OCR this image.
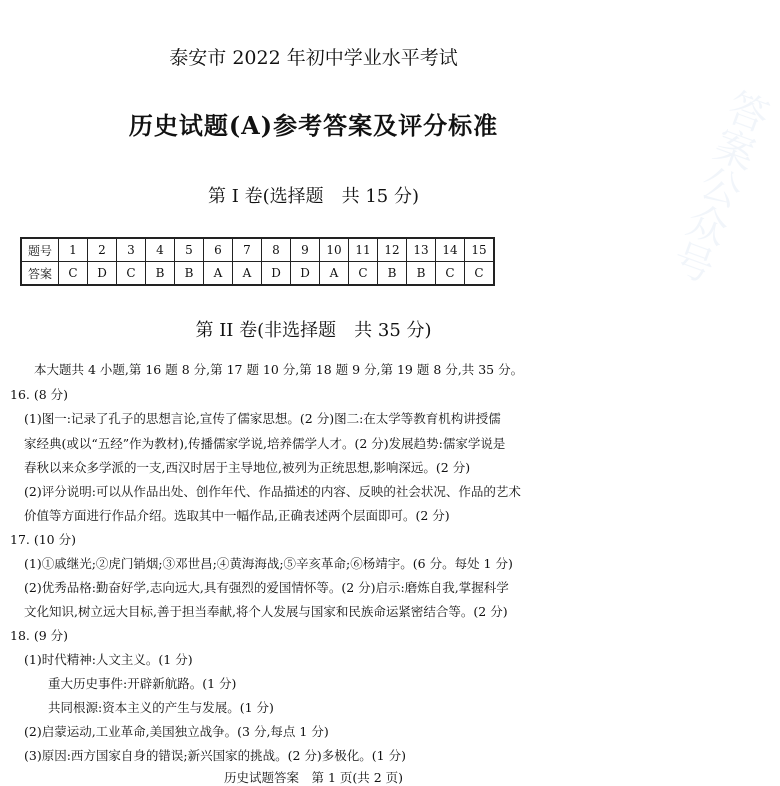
答案公众号
泰安市 2022 年初中学业水平考试
历史试题(A)参考答案及评分标准
第 I 卷(选择题　共 15 分)
题号	1	2	3	4	5	6	7	8	9	10	11	12	13	14	15
答案	C	D	C	B	B	A	A	D	D	A	C	B	B	C	C
第 II 卷(非选择题　共 35 分)
本大题共 4 小题,第 16 题 8 分,第 17 题 10 分,第 18 题 9 分,第 19 题 8 分,共 35 分。
16. (8 分)
(1)图一:记录了孔子的思想言论,宣传了儒家思想。(2 分)图二:在太学等教育机构讲授儒
家经典(或以“五经”作为教材),传播儒家学说,培养儒学人才。(2 分)发展趋势:儒家学说是
春秋以来众多学派的一支,西汉时居于主导地位,被列为正统思想,影响深远。(2 分)
(2)评分说明:可以从作品出处、创作年代、作品描述的内容、反映的社会状况、作品的艺术
价值等方面进行作品介绍。选取其中一幅作品,正确表述两个层面即可。(2 分)
17. (10 分)
(1)①戚继光;②虎门销烟;③邓世昌;④黄海海战;⑤辛亥革命;⑥杨靖宇。(6 分。每处 1 分)
(2)优秀品格:勤奋好学,志向远大,具有强烈的爱国情怀等。(2 分)启示:磨炼自我,掌握科学
文化知识,树立远大目标,善于担当奉献,将个人发展与国家和民族命运紧密结合等。(2 分)
18. (9 分)
(1)时代精神:人文主义。(1 分)
重大历史事件:开辟新航路。(1 分)
共同根源:资本主义的产生与发展。(1 分)
(2)启蒙运动,工业革命,美国独立战争。(3 分,每点 1 分)
(3)原因:西方国家自身的错误;新兴国家的挑战。(2 分)多极化。(1 分)
历史试题答案　第 1 页(共 2 页)
